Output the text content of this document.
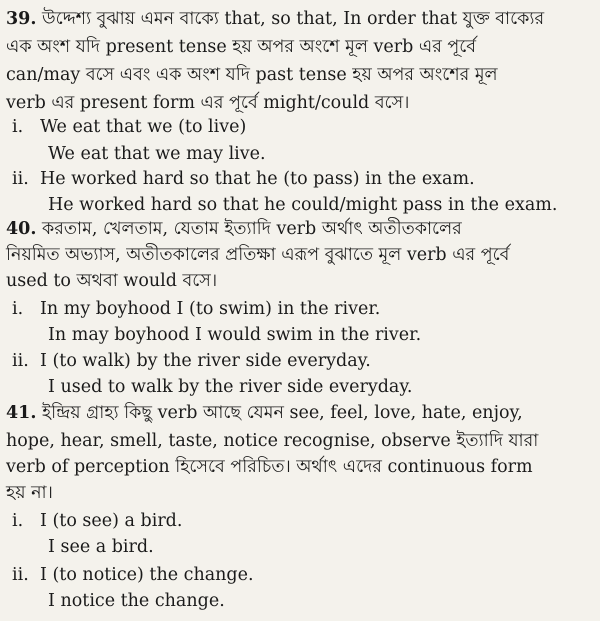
39. উদ্দেশ্য বুঝায় এমন বাক্যে that, so that, In order that যুক্ত বাক্যের
এক অংশ যদি present tense হয় অপর অংশে মূল verb এর পূর্বে
can/may বসে এবং এক অংশ যদি past tense হয় অপর অংশের মূল
verb এর present form এর পূর্বে might/could বসে।
i. We eat that we (to live)
We eat that we may live.
ii. He worked hard so that he (to pass) in the exam.
He worked hard so that he could/might pass in the exam.
40. করতাম, খেলতাম, যেতাম ইত্যাদি verb অর্থাৎ অতীতকালের
নিয়মিত অভ্যাস, অতীতকালের প্রতিক্ষা এরূপ বুঝাতে মূল verb এর পূর্বে
used to অথবা would বসে।
i. In my boyhood I (to swim) in the river.
In may boyhood I would swim in the river.
ii. I (to walk) by the river side everyday.
I used to walk by the river side everyday.
41. ইন্দ্রিয় গ্রাহ্য কিছু verb আছে যেমন see, feel, love, hate, enjoy,
hope, hear, smell, taste, notice recognise, observe ইত্যাদি যারা
verb of perception হিসেবে পরিচিত। অর্থাৎ এদের continuous form
হয় না।
i. I (to see) a bird.
I see a bird.
ii. I (to notice) the change.
I notice the change.
